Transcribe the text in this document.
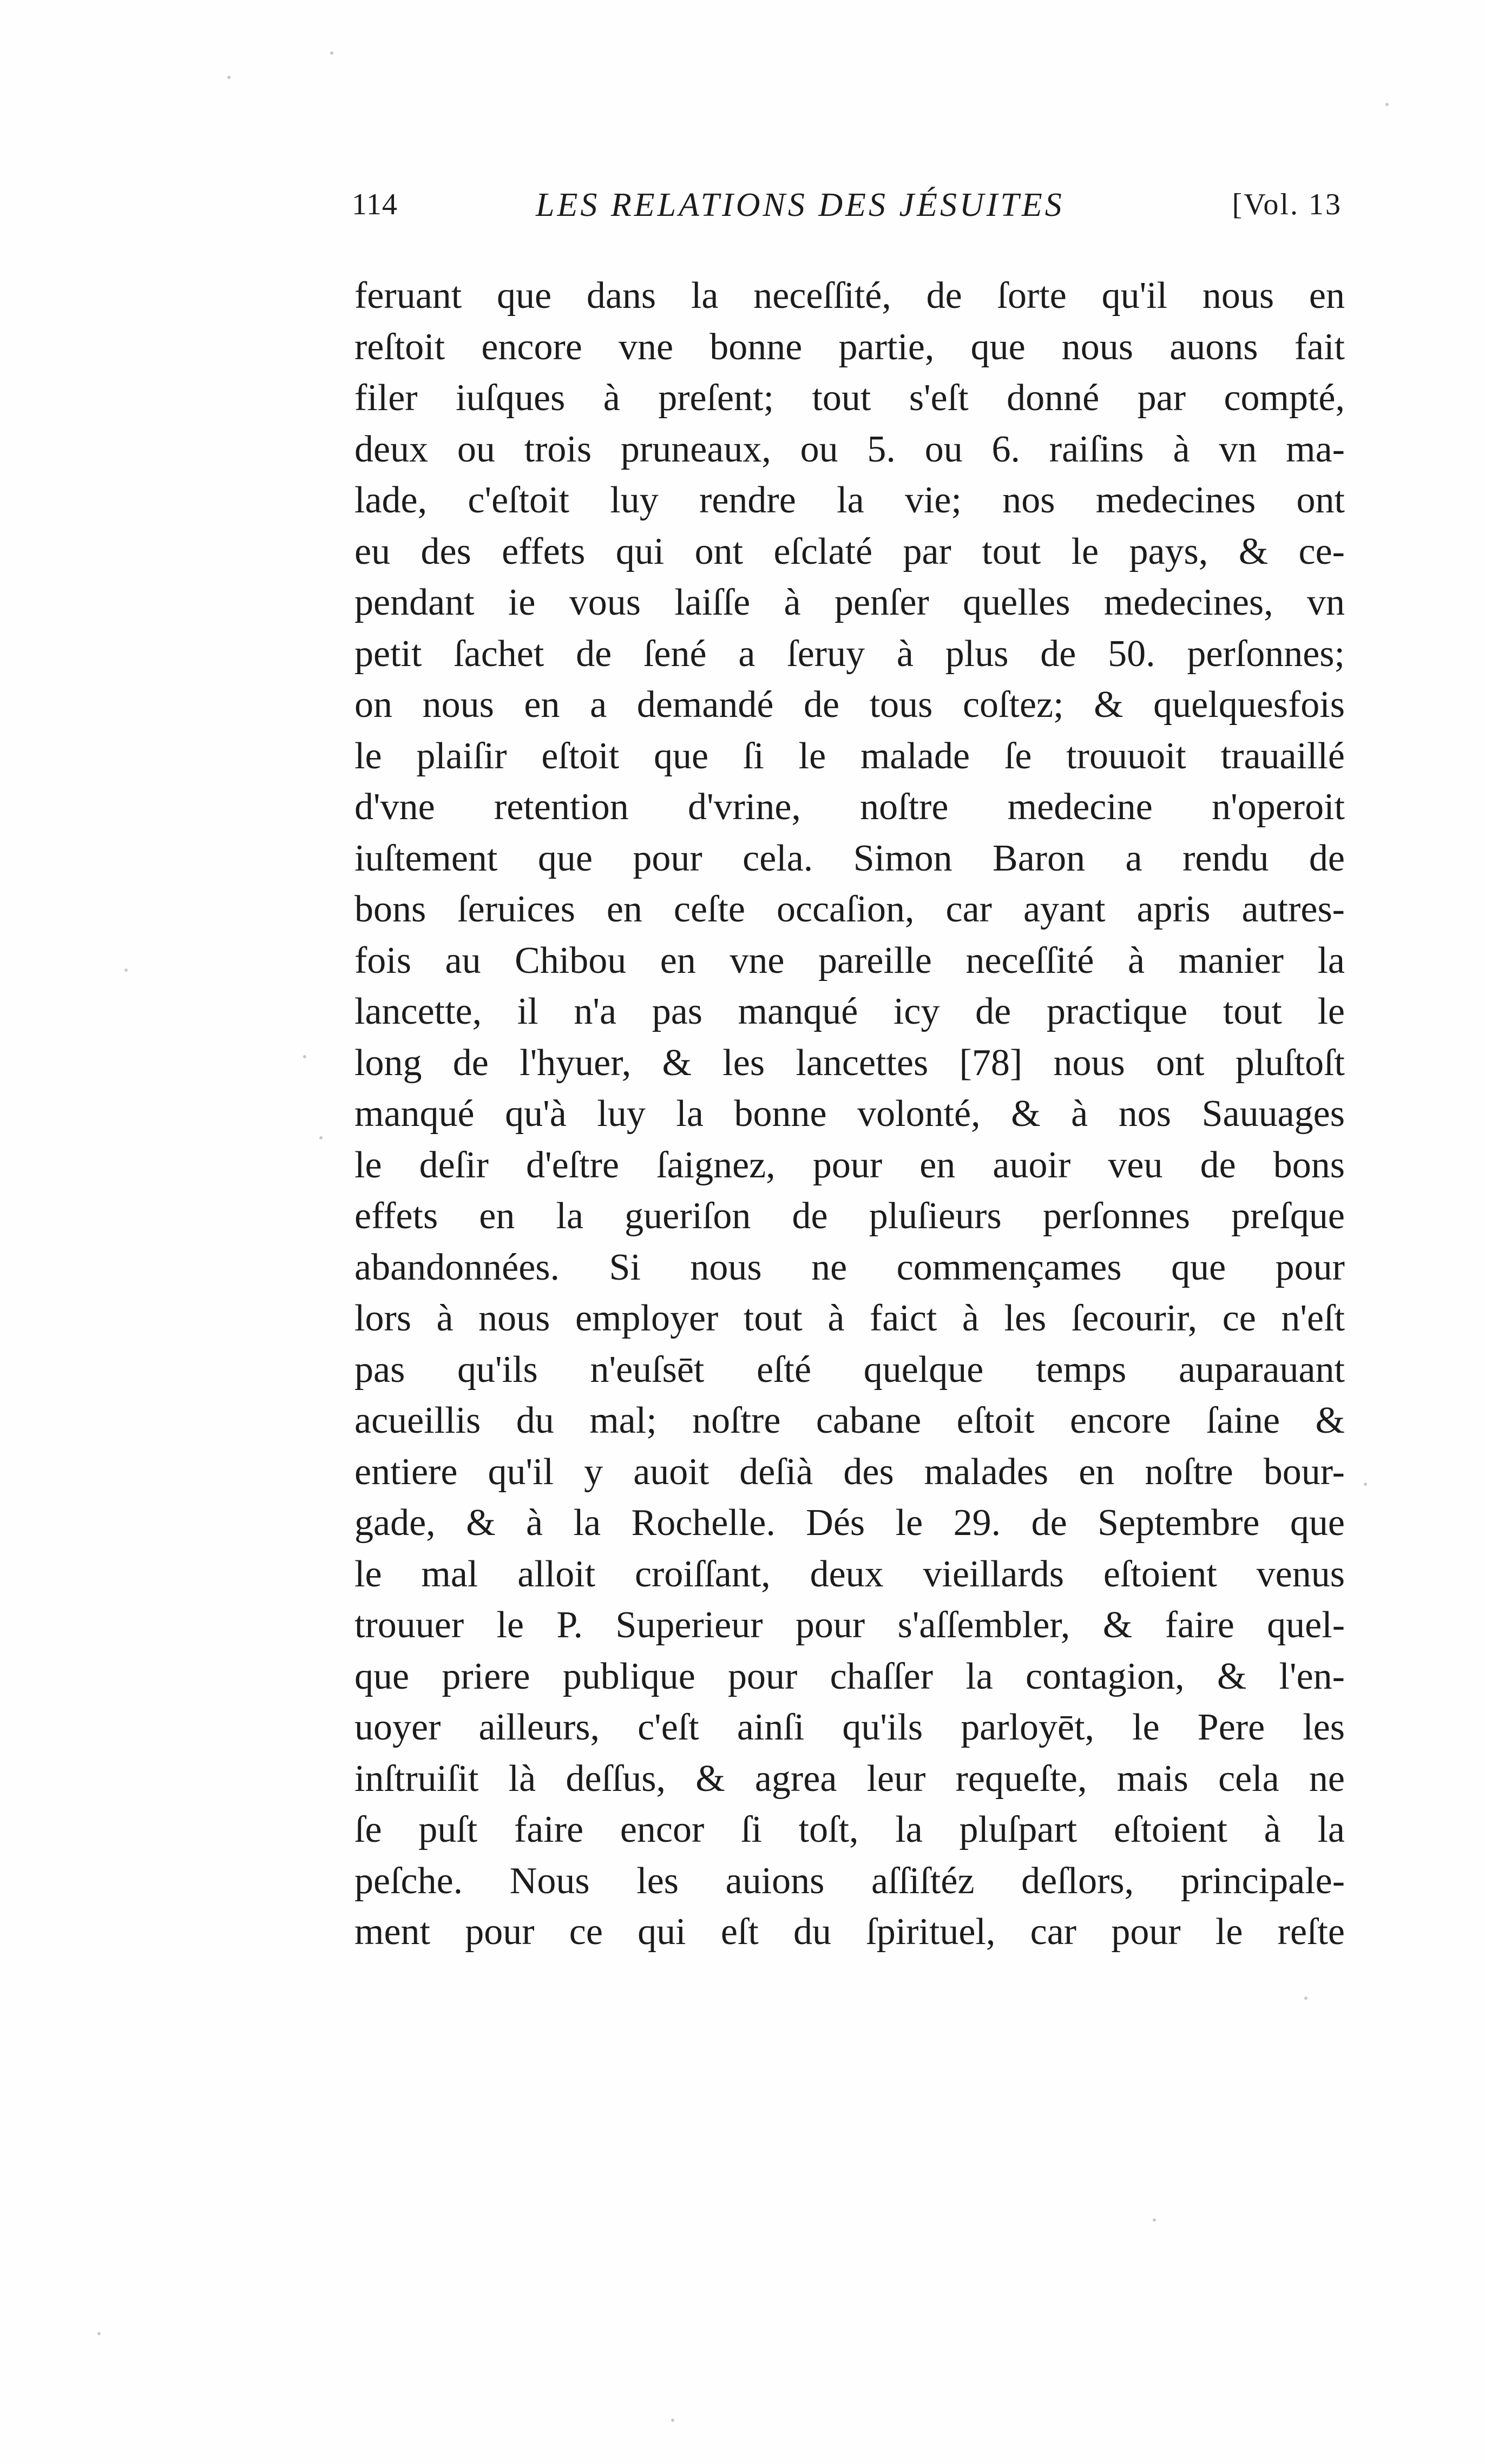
114	LES RELATIONS DES JÉSUITES	[Vol. 13
feruant que dans la neceſſité, de ſorte qu'il nous en
reſtoit encore vne bonne partie, que nous auons fait
filer iuſques à preſent; tout s'eſt donné par compté,
deux ou trois pruneaux, ou 5. ou 6. raiſins à vn ma-
lade, c'eſtoit luy rendre la vie; nos medecines ont
eu des effets qui ont eſclaté par tout le pays, & ce-
pendant ie vous laiſſe à penſer quelles medecines, vn
petit ſachet de ſené a ſeruy à plus de 50. perſonnes;
on nous en a demandé de tous coſtez; & quelquesfois
le plaiſir eſtoit que ſi le malade ſe trouuoit trauaillé
d'vne retention d'vrine, noſtre medecine n'operoit
iuſtement que pour cela. Simon Baron a rendu de
bons ſeruices en ceſte occaſion, car ayant apris autres-
fois au Chibou en vne pareille neceſſité à manier la
lancette, il n'a pas manqué icy de practique tout le
long de l'hyuer, & les lancettes [78] nous ont pluſtoſt
manqué qu'à luy la bonne volonté, & à nos Sauuages
le deſir d'eſtre ſaignez, pour en auoir veu de bons
effets en la gueriſon de pluſieurs perſonnes preſque
abandonnées. Si nous ne commençames que pour
lors à nous employer tout à faict à les ſecourir, ce n'eſt
pas qu'ils n'euſsēt eſté quelque temps auparauant
acueillis du mal; noſtre cabane eſtoit encore ſaine &
entiere qu'il y auoit deſià des malades en noſtre bour-
gade, & à la Rochelle. Dés le 29. de Septembre que
le mal alloit croiſſant, deux vieillards eſtoient venus
trouuer le P. Superieur pour s'aſſembler, & faire quel-
que priere publique pour chaſſer la contagion, & l'en-
uoyer ailleurs, c'eſt ainſi qu'ils parloyēt, le Pere les
inſtruiſit là deſſus, & agrea leur requeſte, mais cela ne
ſe puſt faire encor ſi toſt, la pluſpart eſtoient à la
peſche. Nous les auions aſſiſtéz deſlors, principale-
ment pour ce qui eſt du ſpirituel, car pour le reſte
